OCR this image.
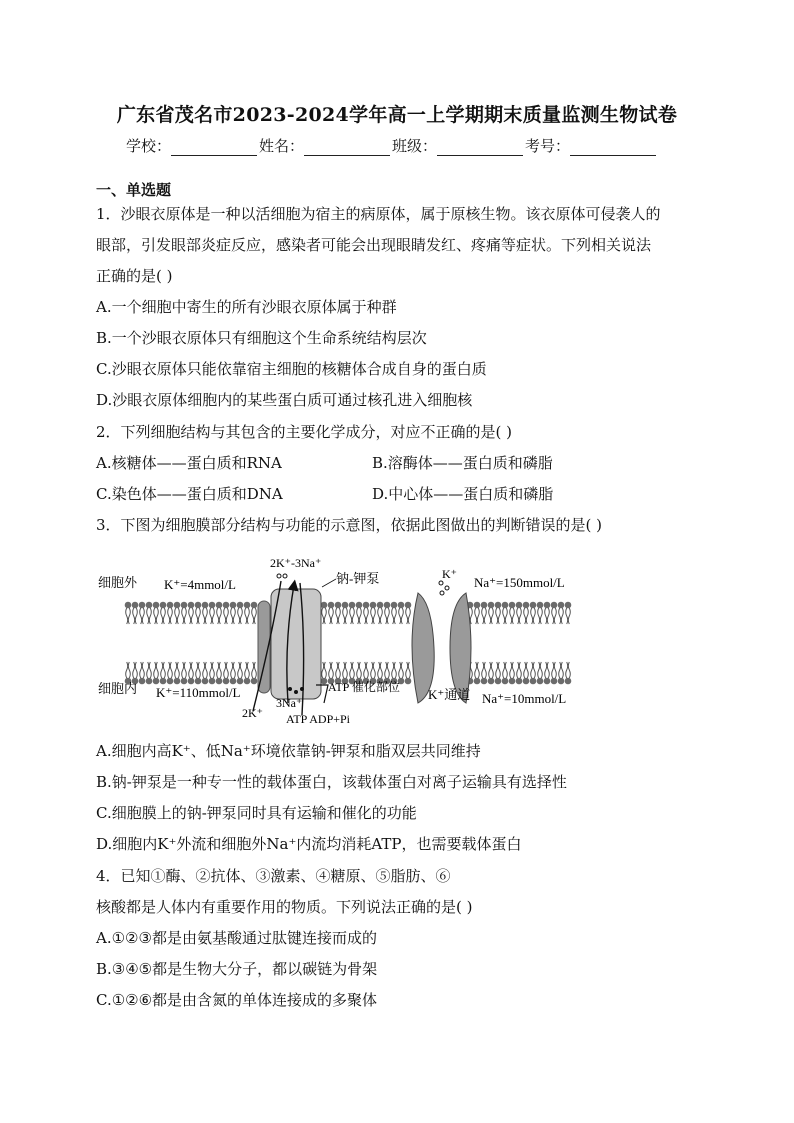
广东省茂名市2023-2024学年高一上学期期末质量监测生物试卷
学校：	姓名：	班级：	考号：
一、单选题
1．沙眼衣原体是一种以活细胞为宿主的病原体，属于原核生物。该衣原体可侵袭人的
眼部，引发眼部炎症反应，感染者可能会出现眼睛发红、疼痛等症状。下列相关说法
正确的是( )
A.一个细胞中寄生的所有沙眼衣原体属于种群
B.一个沙眼衣原体只有细胞这个生命系统结构层次
C.沙眼衣原体只能依靠宿主细胞的核糖体合成自身的蛋白质
D.沙眼衣原体细胞内的某些蛋白质可通过核孔进入细胞核
2．下列细胞结构与其包含的主要化学成分，对应不正确的是( )
A.核糖体——蛋白质和RNA	B.溶酶体——蛋白质和磷脂
C.染色体——蛋白质和DNA	D.中心体——蛋白质和磷脂
3．下图为细胞膜部分结构与功能的示意图，依据此图做出的判断错误的是( )
细胞外 K⁺=4mmol/L
2K⁺-3Na⁺
钠-钾泵	K⁺
Na⁺=150mmol/L
细胞内 K⁺=110mmol/L	ATP 催化部位
3Na⁺
2K⁺ ATP ADP+Pi
K⁺通道 Na⁺=10mmol/L
A.细胞内高K⁺、低Na⁺环境依靠钠-钾泵和脂双层共同维持
B.钠-钾泵是一种专一性的载体蛋白，该载体蛋白对离子运输具有选择性
C.细胞膜上的钠-钾泵同时具有运输和催化的功能
D.细胞内K⁺外流和细胞外Na⁺内流均消耗ATP，也需要载体蛋白
4．已知①酶、②抗体、③激素、④糖原、⑤脂肪、⑥
核酸都是人体内有重要作用的物质。下列说法正确的是( )
A.①②③都是由氨基酸通过肽键连接而成的
B.③④⑤都是生物大分子，都以碳链为骨架
C.①②⑥都是由含氮的单体连接成的多聚体
